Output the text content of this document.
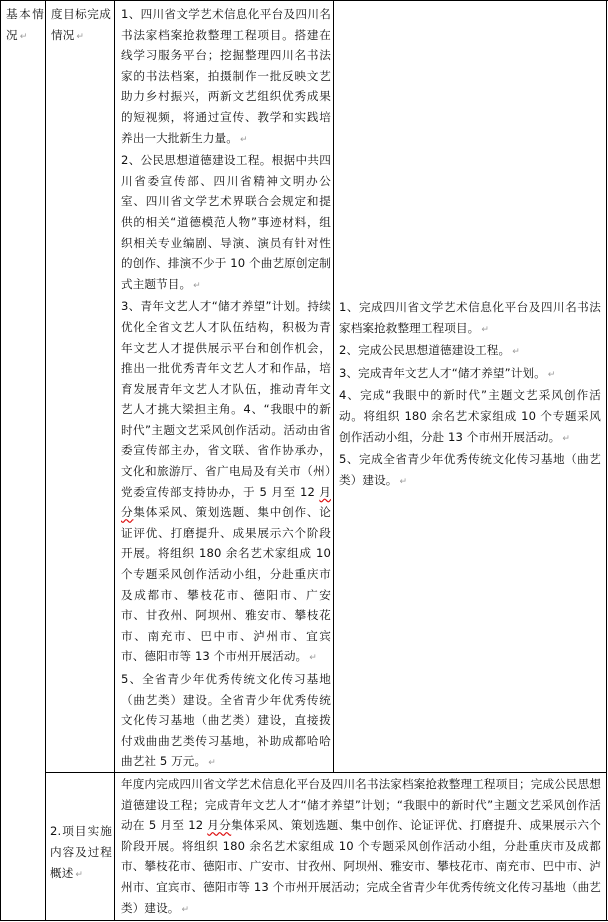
基本情况 ↵

度目标完成情况 ↵

1、四川省文学艺术信息化平台及四川名书法家档案抢救整理工程项目。搭建在线学习服务平台；挖掘整理四川名书法家的书法档案，拍摄制作一批反映文艺助力乡村振兴，两新文艺组织优秀成果的短视频，将通过宣传、教学和实践培养出一大批新生力量。 ↵

2、公民思想道德建设工程。根据中共四川省委宣传部、四川省精神文明办公室、四川省文学艺术界联合会规定和提供的相关“道德模范人物”事迹材料，组织相关专业编剧、导演、演员有针对性的创作、排演不少于 10 个曲艺原创定制式主题节目。 ↵

3、青年文艺人才“储才养望”计划。持续优化全省文艺人才队伍结构，积极为青年文艺人才提供展示平台和创作机会，推出一批优秀青年文艺人才和作品，培育发展青年文艺人才队伍，推动青年文艺人才挑大梁担主角。4、“我眼中的新时代”主题文艺采风创作活动。活动由省委宣传部主办，省文联、省作协承办，文化和旅游厅、省广电局及有关市（州）党委宣传部支持协办，于 5 月至 12 月分集体采风、策划选题、集中创作、论证评优、打磨提升、成果展示六个阶段开展。将组织 180 余名艺术家组成 10 个专题采风创作活动小组，分赴重庆市及成都市、攀枝花市、德阳市、广安市、甘孜州、阿坝州、雅安市、攀枝花市、南充市、巴中市、泸州市、宜宾市、德阳市等 13 个市州开展活动。 ↵

5、全省青少年优秀传统文化传习基地（曲艺类）建设。全省青少年优秀传统文化传习基地（曲艺类）建设，直接拨付戏曲曲艺类传习基地，补助成都哈哈曲艺社 5 万元。 ↵

1、完成四川省文学艺术信息化平台及四川名书法家档案抢救整理工程项目。 ↵

2、完成公民思想道德建设工程。 ↵

3、完成青年文艺人才“储才养望”计划。 ↵

4、完成“我眼中的新时代”主题文艺采风创作活动。将组织 180 余名艺术家组成 10 个专题采风创作活动小组，分赴 13 个市州开展活动。 ↵

5、完成全省青少年优秀传统文化传习基地（曲艺类）建设。 ↵

2.项目实施内容及过程概述 ↵

年度内完成四川省文学艺术信息化平台及四川名书法家档案抢救整理工程项目；完成公民思想道德建设工程；完成青年文艺人才“储才养望”计划；“我眼中的新时代”主题文艺采风创作活动在 5 月至 12 月分集体采风、策划选题、集中创作、论证评优、打磨提升、成果展示六个阶段开展。将组织 180 余名艺术家组成 10 个专题采风创作活动小组，分赴重庆市及成都市、攀枝花市、德阳市、广安市、甘孜州、阿坝州、雅安市、攀枝花市、南充市、巴中市、泸州市、宜宾市、德阳市等 13 个市州开展活动；完成全省青少年优秀传统文化传习基地（曲艺类）建设。 ↵
